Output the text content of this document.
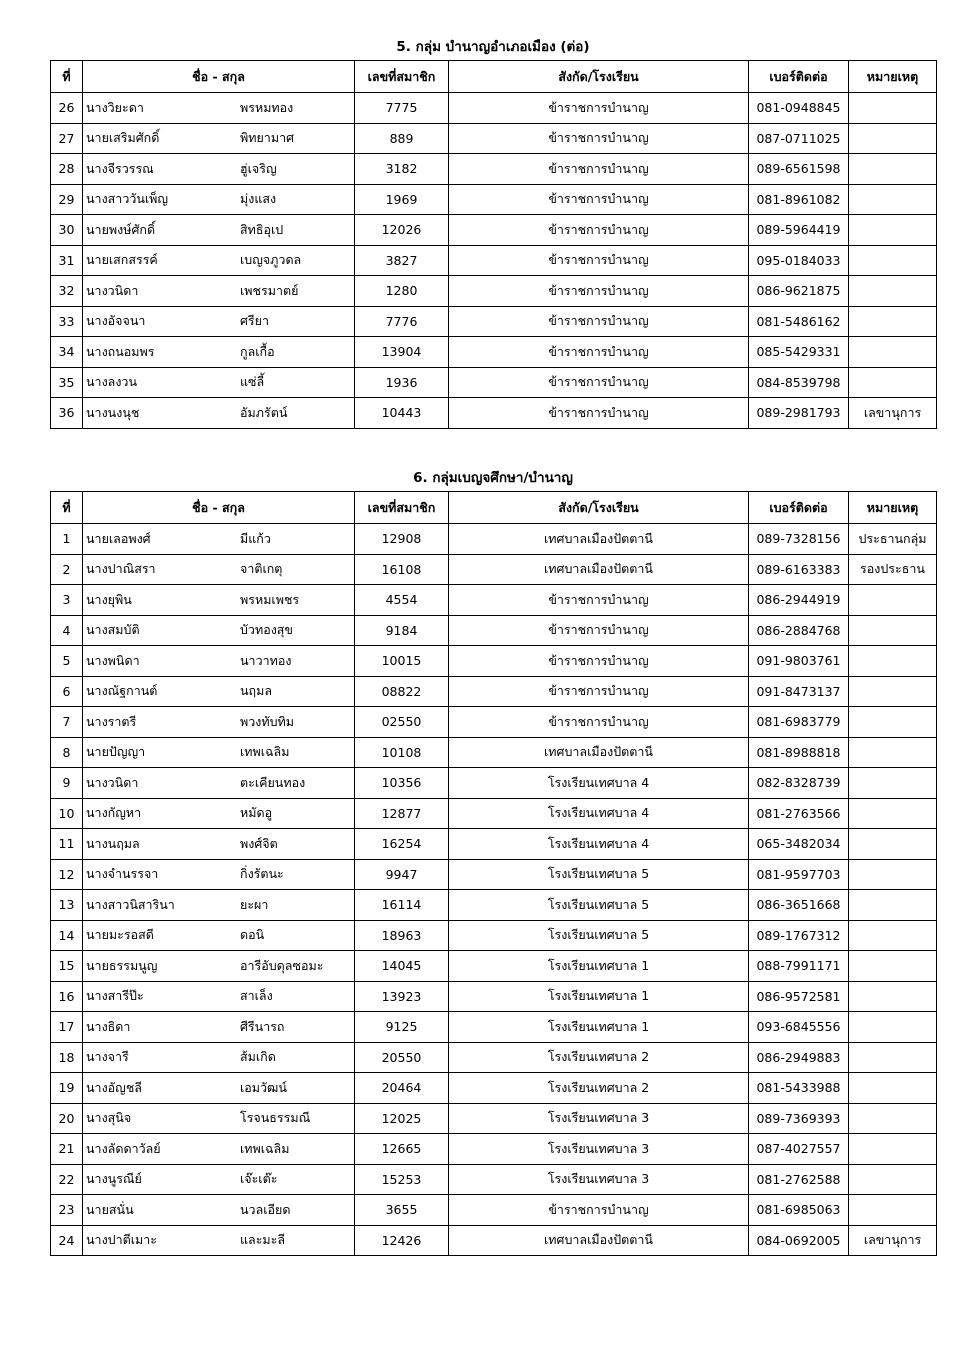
5. กลุ่ม บำนาญอำเภอเมือง (ต่อ)
ที่	ชื่อ - สกุล	เลขที่สมาชิก	สังกัด/โรงเรียน	เบอร์ติดต่อ	หมายเหตุ
26	นางวิยะดา พรหมทอง	7775	ข้าราชการบำนาญ	081-0948845	
27	นายเสริมศักดิ์ พิทยามาศ	889	ข้าราชการบำนาญ	087-0711025	
28	นางจีรวรรณ ฮู่เจริญ	3182	ข้าราชการบำนาญ	089-6561598	
29	นางสาววันเพ็ญ มุ่งแสง	1969	ข้าราชการบำนาญ	081-8961082	
30	นายพงษ์ศักดิ์ สิทธิอุเป	12026	ข้าราชการบำนาญ	089-5964419	
31	นายเสกสรรค์ เบญจภูวดล	3827	ข้าราชการบำนาญ	095-0184033	
32	นางวนิดา เพชรมาตย์	1280	ข้าราชการบำนาญ	086-9621875	
33	นางอัจจนา ศรียา	7776	ข้าราชการบำนาญ	081-5486162	
34	นางถนอมพร กูลเกื้อ	13904	ข้าราชการบำนาญ	085-5429331	
35	นางลงวน แซ่ลี้	1936	ข้าราชการบำนาญ	084-8539798	
36	นางนงนุช อัมภรัตน์	10443	ข้าราชการบำนาญ	089-2981793	เลขานุการ
6. กลุ่มเบญจศึกษา/บำนาญ
ที่	ชื่อ - สกุล	เลขที่สมาชิก	สังกัด/โรงเรียน	เบอร์ติดต่อ	หมายเหตุ
1	นายเลอพงศ์ มีแก้ว	12908	เทศบาลเมืองปัตตานี	089-7328156	ประธานกลุ่ม
2	นางปาณิสรา จาติเกตุ	16108	เทศบาลเมืองปัตตานี	089-6163383	รองประธาน
3	นางยุพิน พรหมเพชร	4554	ข้าราชการบำนาญ	086-2944919	
4	นางสมบัติ บัวทองสุข	9184	ข้าราชการบำนาญ	086-2884768	
5	นางพนิดา นาวาทอง	10015	ข้าราชการบำนาญ	091-9803761	
6	นางณัฐกานต์ นฤมล	08822	ข้าราชการบำนาญ	091-8473137	
7	นางราตรี พวงทับทิม	02550	ข้าราชการบำนาญ	081-6983779	
8	นายปัญญา เทพเฉลิม	10108	เทศบาลเมืองปัตตานี	081-8988818	
9	นางวนิดา ตะเคียนทอง	10356	โรงเรียนเทศบาล 4	082-8328739	
10	นางกัญหา หมัดอู	12877	โรงเรียนเทศบาล 4	081-2763566	
11	นางนฤมล พงศ์จิต	16254	โรงเรียนเทศบาล 4	065-3482034	
12	นางจำนรรจา กิ่งรัตนะ	9947	โรงเรียนเทศบาล 5	081-9597703	
13	นางสาวนิสารินา ยะผา	16114	โรงเรียนเทศบาล 5	086-3651668	
14	นายมะรอสดี ดอนิ	18963	โรงเรียนเทศบาล 5	089-1767312	
15	นายธรรมนูญ อารีอับดุลซอมะ	14045	โรงเรียนเทศบาล 1	088-7991171	
16	นางสารีป๊ะ สาเล็ง	13923	โรงเรียนเทศบาล 1	086-9572581	
17	นางธิดา ศีรีนารถ	9125	โรงเรียนเทศบาล 1	093-6845556	
18	นางจารี ส้มเกิด	20550	โรงเรียนเทศบาล 2	086-2949883	
19	นางอัญชลี เอมวัฒน์	20464	โรงเรียนเทศบาล 2	081-5433988	
20	นางสุนิจ โรจนธรรมณี	12025	โรงเรียนเทศบาล 3	089-7369393	
21	นางลัดดาวัลย์ เทพเฉลิม	12665	โรงเรียนเทศบาล 3	087-4027557	
22	นางนูรณีย์ เจ๊ะเต๊ะ	15253	โรงเรียนเทศบาล 3	081-2762588	
23	นายสนั่น นวลเอียด	3655	ข้าราชการบำนาญ	081-6985063	
24	นางปาตีเมาะ และมะลี	12426	เทศบาลเมืองปัตตานี	084-0692005	เลขานุการ
